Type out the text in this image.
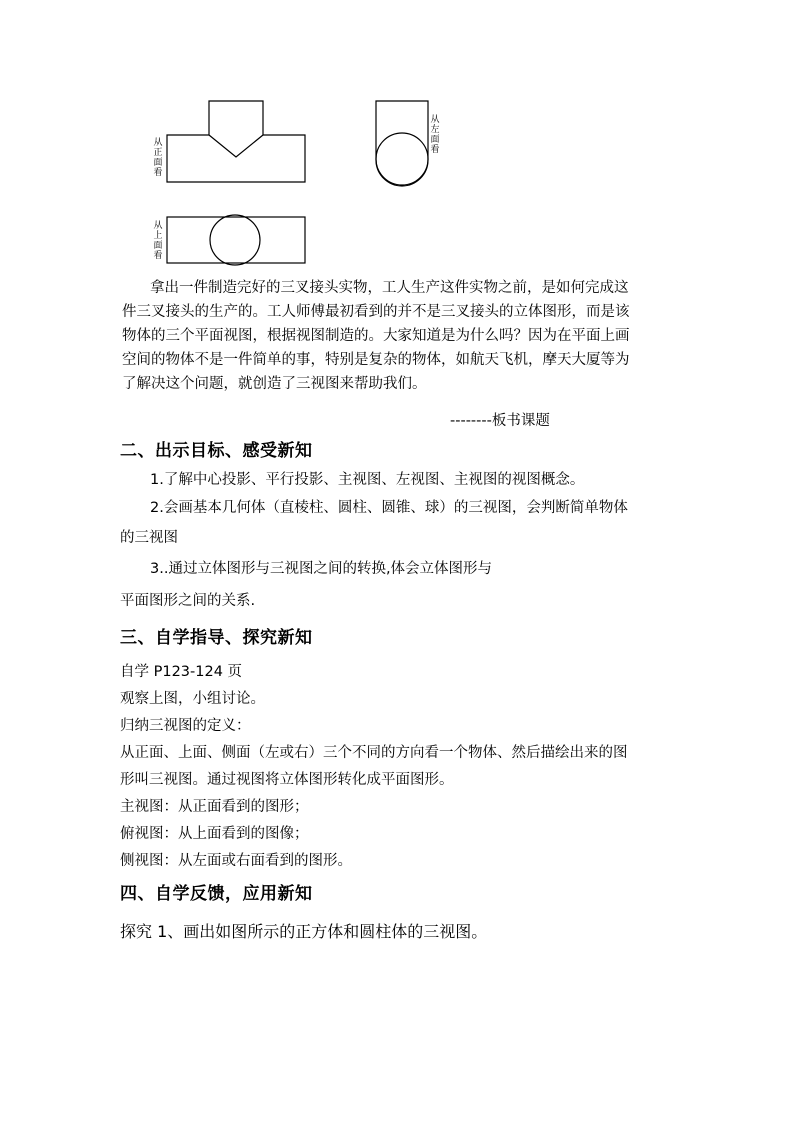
从正面看
从左面看
从上面看
拿出一件制造完好的三叉接头实物，工人生产这件实物之前，是如何完成这
件三叉接头的生产的。工人师傅最初看到的并不是三叉接头的立体图形，而是该
物体的三个平面视图，根据视图制造的。大家知道是为什么吗？因为在平面上画
空间的物体不是一件简单的事，特别是复杂的物体，如航天飞机，摩天大厦等为
了解决这个问题，就创造了三视图来帮助我们。
--------板书课题
二、出示目标、感受新知
1.了解中心投影、平行投影、主视图、左视图、主视图的视图概念。
2.会画基本几何体（直棱柱、圆柱、圆锥、球）的三视图，会判断简单物体
的三视图
3..通过立体图形与三视图之间的转换,体会立体图形与
平面图形之间的关系.
三、自学指导、探究新知
自学 P123-124 页
观察上图，小组讨论。
归纳三视图的定义：
从正面、上面、侧面（左或右）三个不同的方向看一个物体、然后描绘出来的图
形叫三视图。通过视图将立体图形转化成平面图形。
主视图：从正面看到的图形；
俯视图：从上面看到的图像；
侧视图：从左面或右面看到的图形。
四、自学反馈，应用新知
探究 1、画出如图所示的正方体和圆柱体的三视图。
